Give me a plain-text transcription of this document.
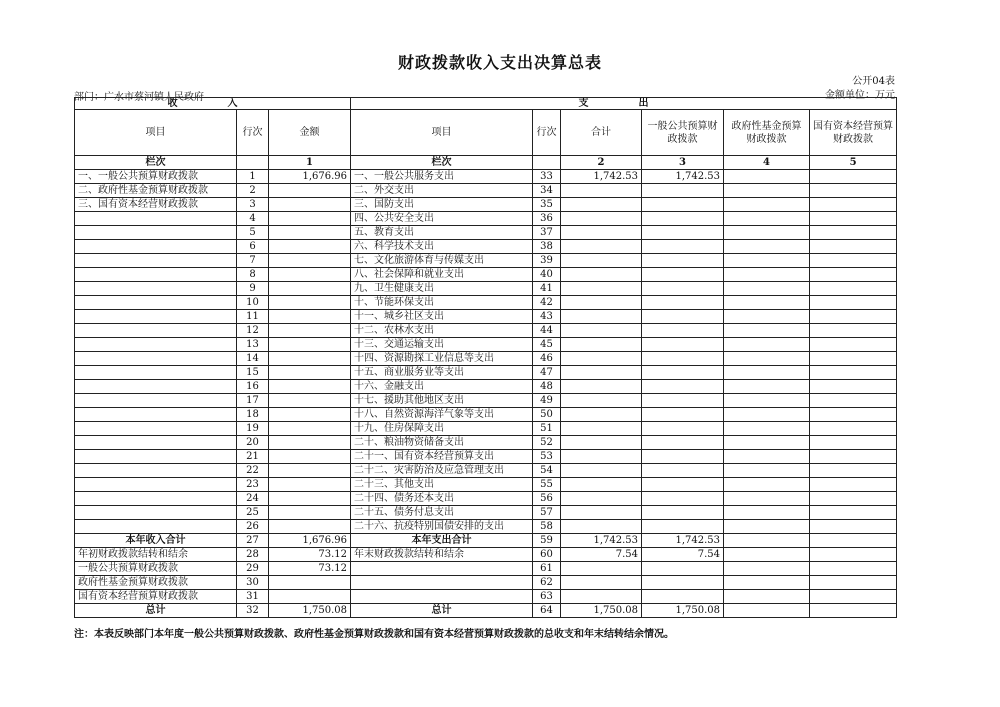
财政拨款收入支出决算总表
公开04表
金额单位：万元
部门：广水市蔡河镇人民政府
收　入			支　出					
项目	行次	金额	项目	行次	合计	一般公共预算财政拨款	政府性基金预算财政拨款	国有资本经营预算财政拨款
栏次		1	栏次		2	3	4	5
一、一般公共预算财政拨款	1	1,676.96	一、一般公共服务支出	33	1,742.53	1,742.53		
二、政府性基金预算财政拨款	2		二、外交支出	34				
三、国有资本经营财政拨款	3		三、国防支出	35				
	4		四、公共安全支出	36				
	5		五、教育支出	37				
	6		六、科学技术支出	38				
	7		七、文化旅游体育与传媒支出	39				
	8		八、社会保障和就业支出	40				
	9		九、卫生健康支出	41				
	10		十、节能环保支出	42				
	11		十一、城乡社区支出	43				
	12		十二、农林水支出	44				
	13		十三、交通运输支出	45				
	14		十四、资源勘探工业信息等支出	46				
	15		十五、商业服务业等支出	47				
	16		十六、金融支出	48				
	17		十七、援助其他地区支出	49				
	18		十八、自然资源海洋气象等支出	50				
	19		十九、住房保障支出	51				
	20		二十、粮油物资储备支出	52				
	21		二十一、国有资本经营预算支出	53				
	22		二十二、灾害防治及应急管理支出	54				
	23		二十三、其他支出	55				
	24		二十四、债务还本支出	56				
	25		二十五、债务付息支出	57				
	26		二十六、抗疫特别国债安排的支出	58				
本年收入合计	27	1,676.96	本年支出合计	59	1,742.53	1,742.53		
年初财政拨款结转和结余	28	73.12	年末财政拨款结转和结余	60	7.54	7.54		
一般公共预算财政拨款	29	73.12		61				
政府性基金预算财政拨款	30			62				
国有资本经营预算财政拨款	31			63				
总计	32	1,750.08	总计	64	1,750.08	1,750.08		
注：本表反映部门本年度一般公共预算财政拨款、政府性基金预算财政拨款和国有资本经营预算财政拨款的总收支和年末结转结余情况。
